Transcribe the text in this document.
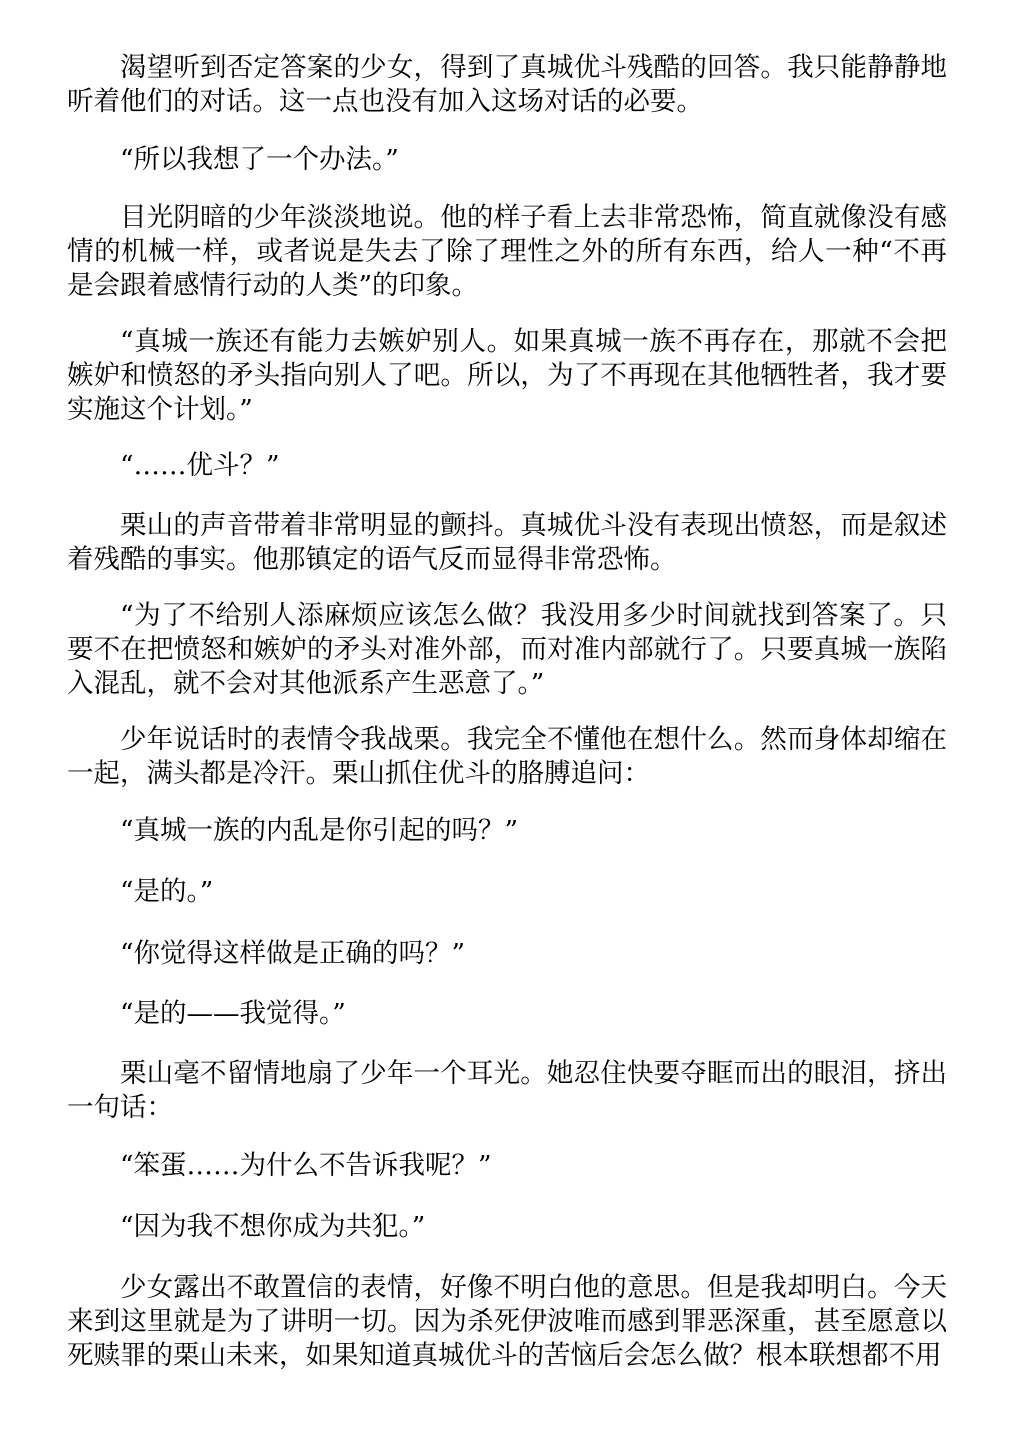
渴望听到否定答案的少女，得到了真城优斗残酷的回答。我只能静静地听着他们的对话。这一点也没有加入这场对话的必要。

“所以我想了一个办法。”

目光阴暗的少年淡淡地说。他的样子看上去非常恐怖，简直就像没有感情的机械一样，或者说是失去了除了理性之外的所有东西，给人一种“不再是会跟着感情行动的人类”的印象。

“真城一族还有能力去嫉妒别人。如果真城一族不再存在，那就不会把嫉妒和愤怒的矛头指向别人了吧。所以，为了不再现在其他牺牲者，我才要实施这个计划。”

“……优斗？”

栗山的声音带着非常明显的颤抖。真城优斗没有表现出愤怒，而是叙述着残酷的事实。他那镇定的语气反而显得非常恐怖。

“为了不给别人添麻烦应该怎么做？我没用多少时间就找到答案了。只要不在把愤怒和嫉妒的矛头对准外部，而对准内部就行了。只要真城一族陷入混乱，就不会对其他派系产生恶意了。”

少年说话时的表情令我战栗。我完全不懂他在想什么。然而身体却缩在一起，满头都是冷汗。栗山抓住优斗的胳膊追问：

“真城一族的内乱是你引起的吗？”

“是的。”

“你觉得这样做是正确的吗？”

“是的——我觉得。”

栗山毫不留情地扇了少年一个耳光。她忍住快要夺眶而出的眼泪，挤出一句话：

“笨蛋……为什么不告诉我呢？”

“因为我不想你成为共犯。”

少女露出不敢置信的表情，好像不明白他的意思。但是我却明白。今天来到这里就是为了讲明一切。因为杀死伊波唯而感到罪恶深重，甚至愿意以死赎罪的栗山未来，如果知道真城优斗的苦恼后会怎么做？根本联想都不用
